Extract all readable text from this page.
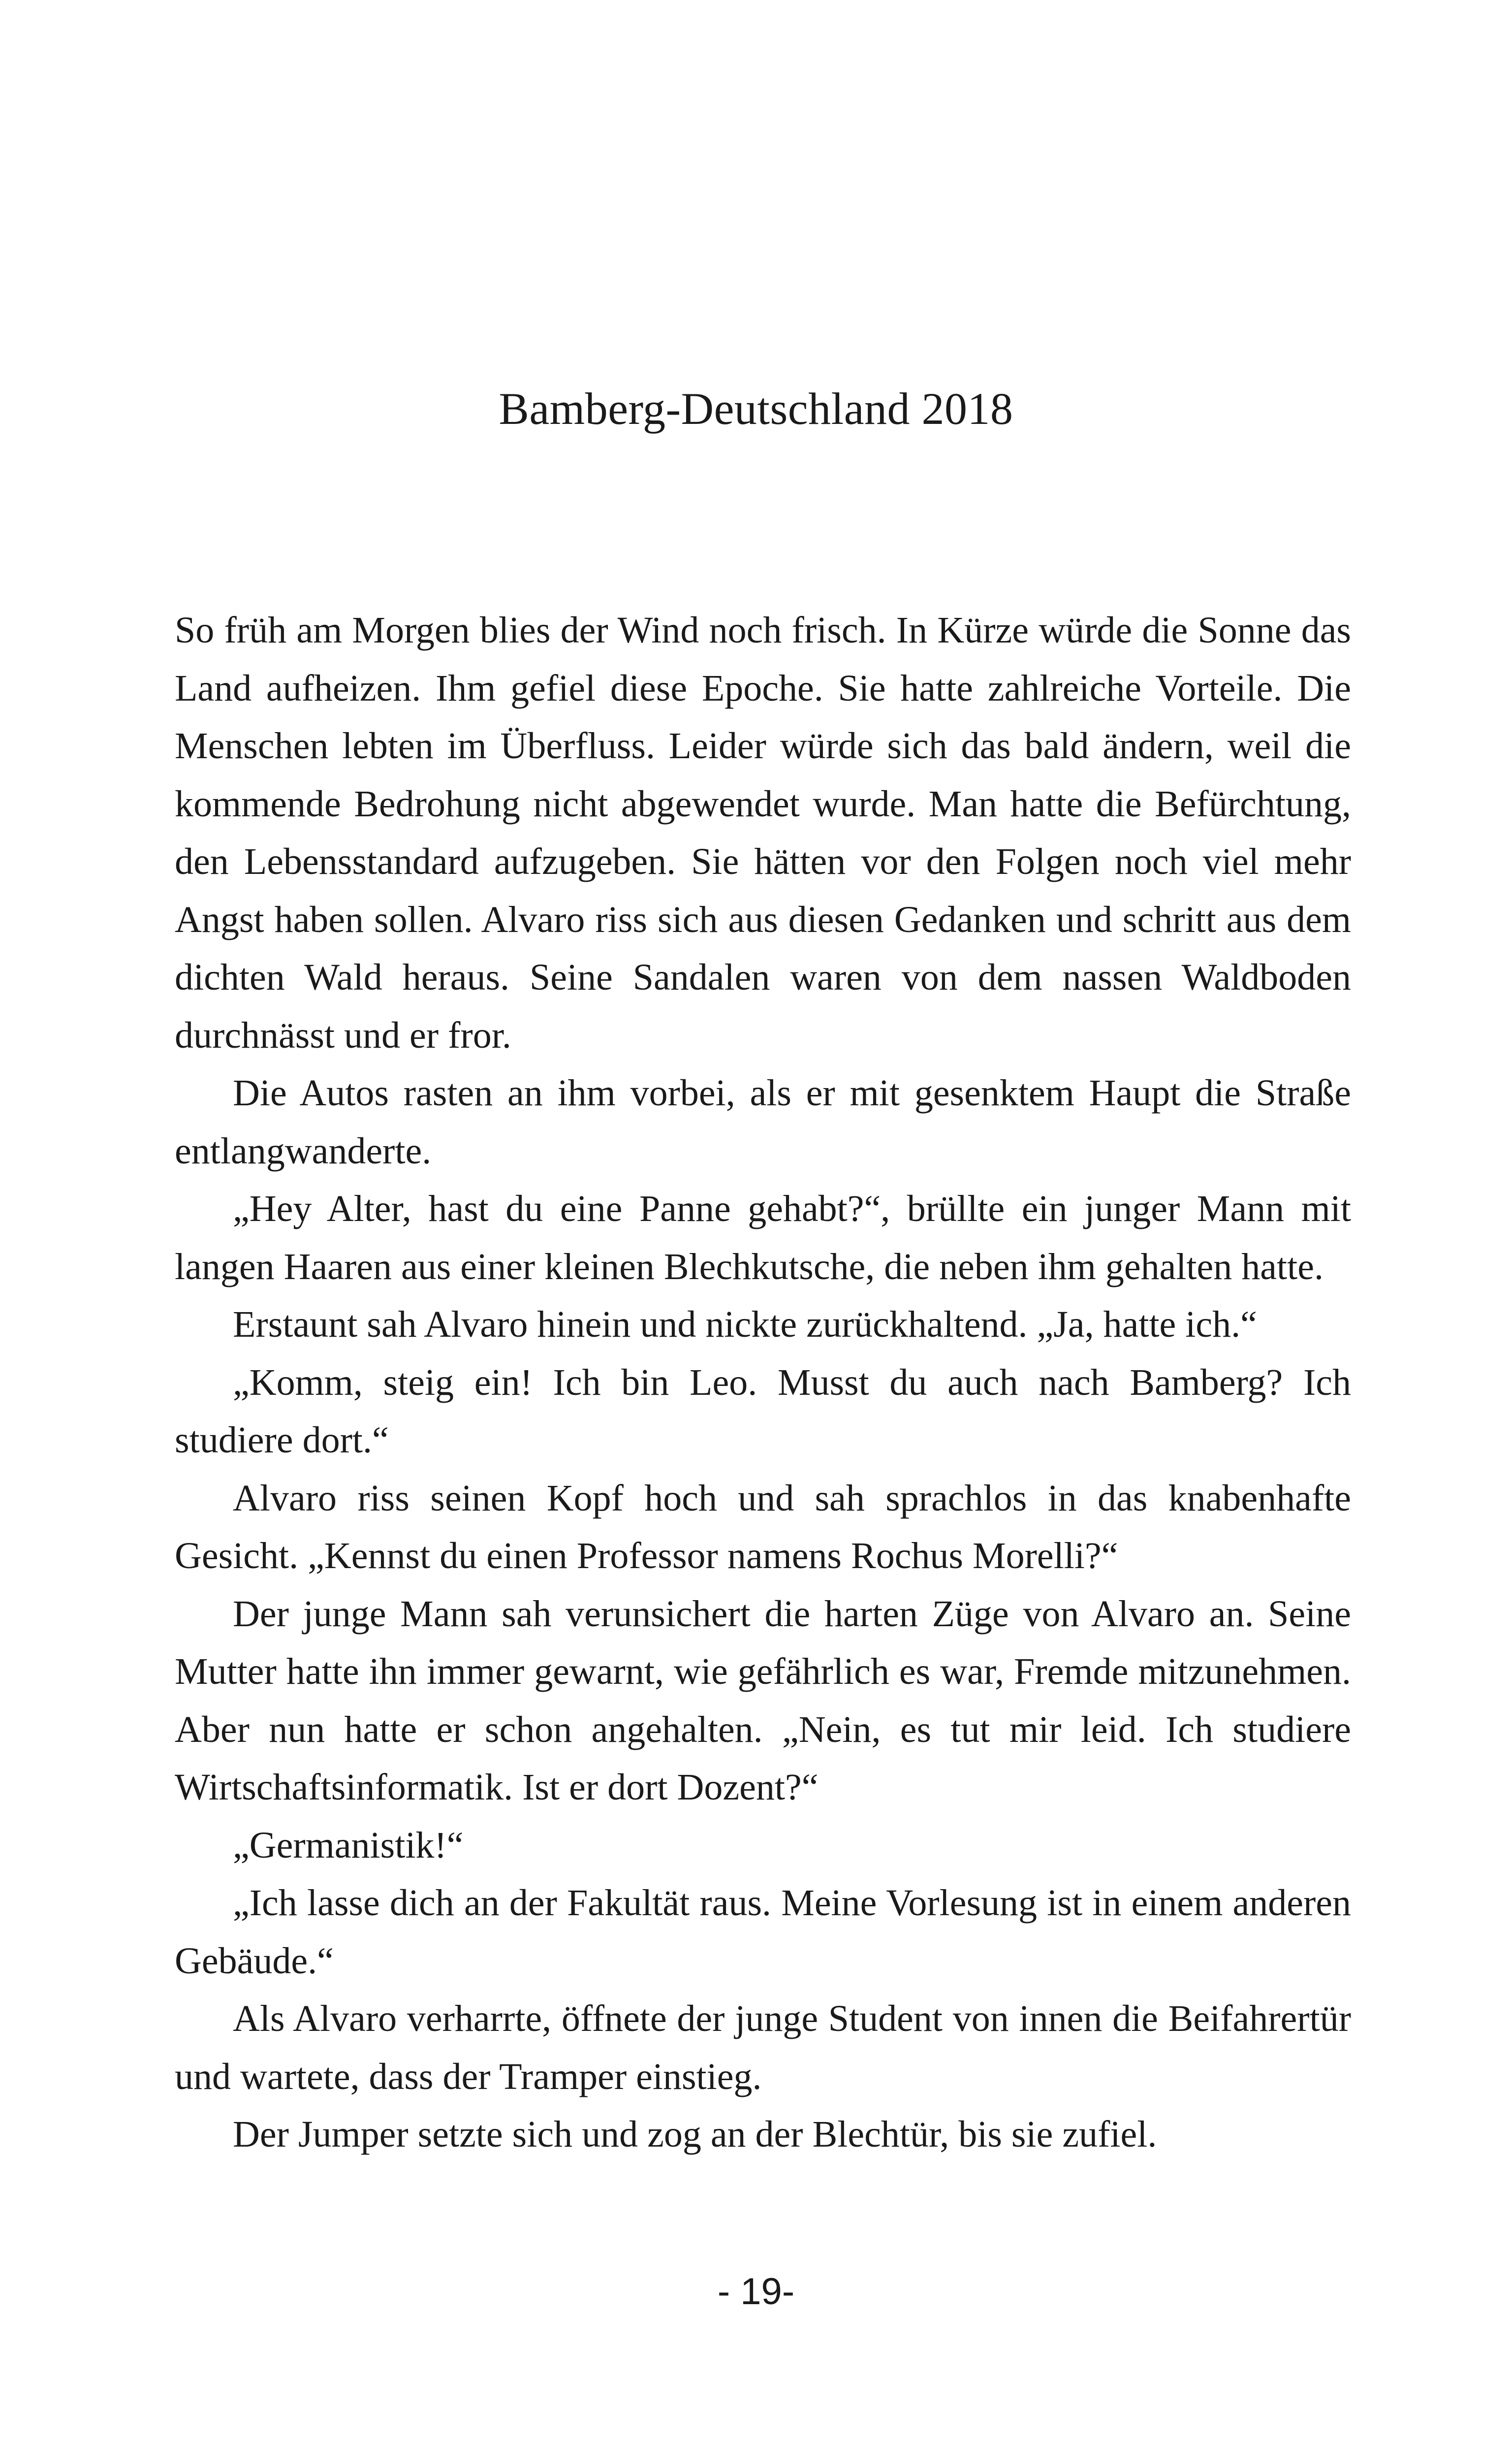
Bamberg-Deutschland 2018

So früh am Morgen blies der Wind noch frisch. In Kürze würde die Sonne das Land aufheizen. Ihm gefiel diese Epoche. Sie hatte zahlreiche Vorteile. Die Menschen lebten im Überfluss. Leider würde sich das bald ändern, weil die kommende Bedrohung nicht abgewendet wurde. Man hatte die Befürchtung, den Lebensstandard aufzugeben. Sie hätten vor den Folgen noch viel mehr Angst haben sollen. Alvaro riss sich aus diesen Gedanken und schritt aus dem dichten Wald heraus. Seine Sandalen waren von dem nassen Waldboden durchnässt und er fror.

Die Autos rasten an ihm vorbei, als er mit gesenktem Haupt die Straße entlangwanderte.

„Hey Alter, hast du eine Panne gehabt?“, brüllte ein junger Mann mit langen Haaren aus einer kleinen Blechkutsche, die neben ihm gehalten hatte.

Erstaunt sah Alvaro hinein und nickte zurückhaltend. „Ja, hatte ich.“

„Komm, steig ein! Ich bin Leo. Musst du auch nach Bamberg? Ich studiere dort.“

Alvaro riss seinen Kopf hoch und sah sprachlos in das knabenhafte Gesicht. „Kennst du einen Professor namens Rochus Morelli?“

Der junge Mann sah verunsichert die harten Züge von Alvaro an. Seine Mutter hatte ihn immer gewarnt, wie gefährlich es war, Fremde mitzunehmen. Aber nun hatte er schon angehalten. „Nein, es tut mir leid. Ich studiere Wirtschaftsinformatik. Ist er dort Dozent?“

„Germanistik!“

„Ich lasse dich an der Fakultät raus. Meine Vorlesung ist in einem anderen Gebäude.“

Als Alvaro verharrte, öffnete der junge Student von innen die Beifahrertür und wartete, dass der Tramper einstieg.

Der Jumper setzte sich und zog an der Blechtür, bis sie zufiel.

- 19-
